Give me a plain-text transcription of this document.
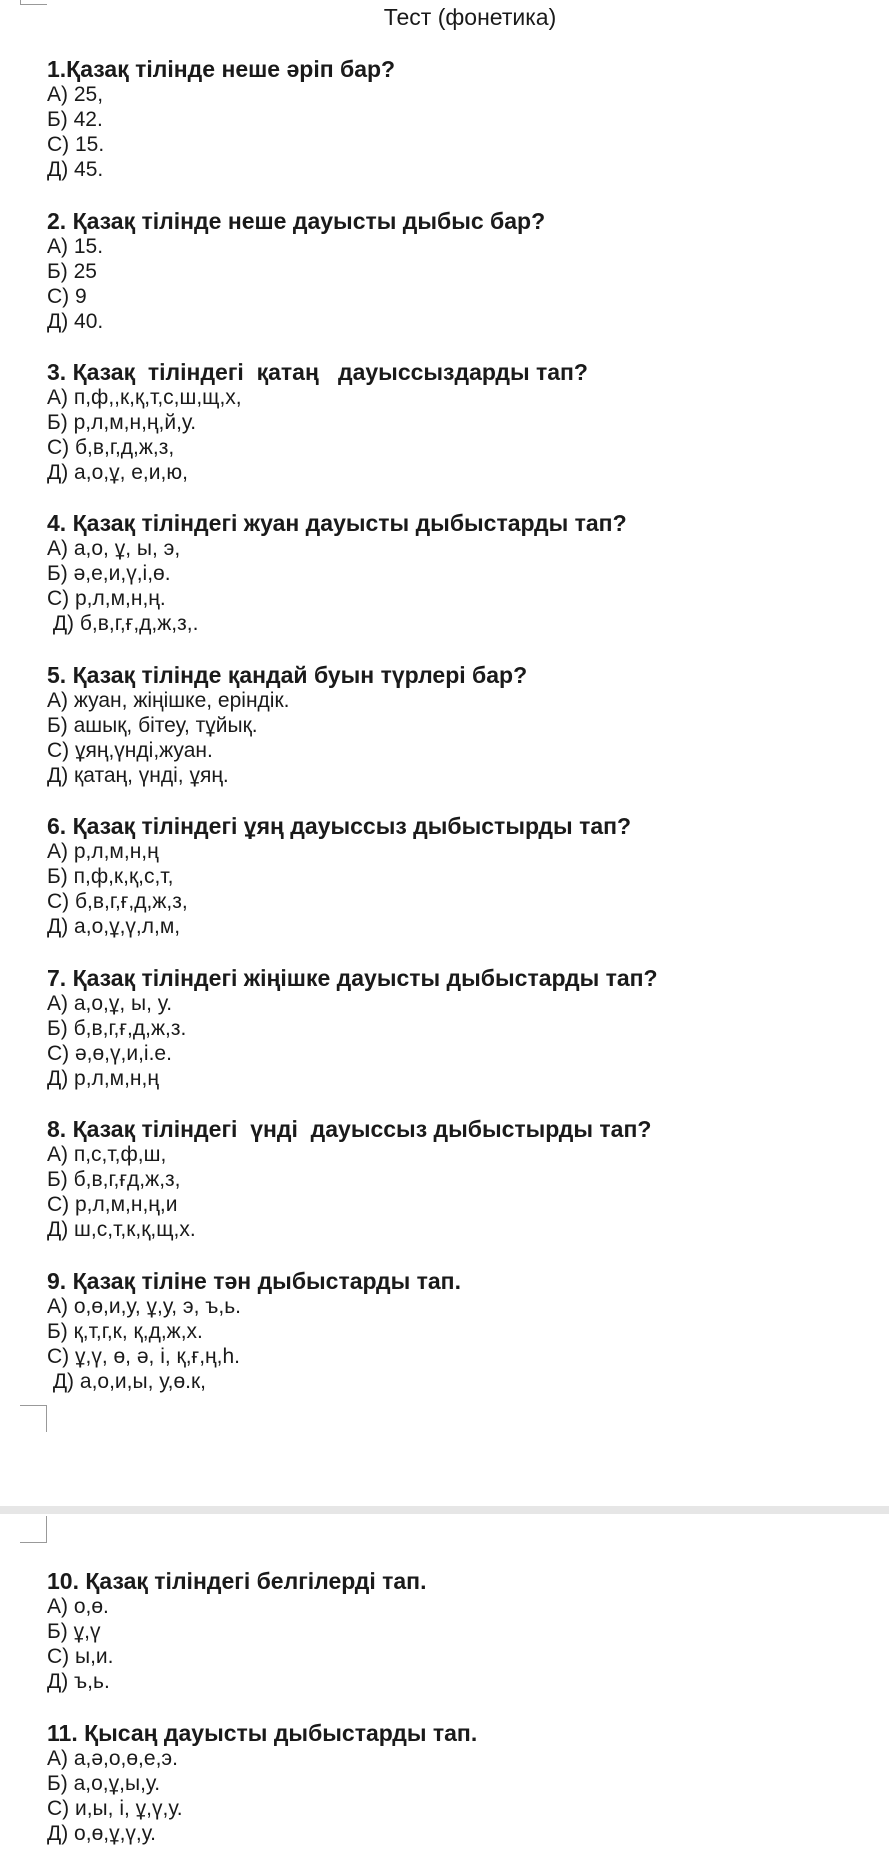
Тест (фонетика)
1.Қазақ тілінде неше әріп бар?
А) 25,
Б) 42.
С) 15.
Д) 45.
2. Қазақ тілінде неше дауысты дыбыс бар?
А) 15.
Б) 25
С) 9
Д) 40.
3. Қазақ  тіліндегі  қатаң   дауыссыздарды тап?
А) п,ф,,к,қ,т,с,ш,щ,х,
Б) р,л,м,н,ң,й,у.
С) б,в,г,д,ж,з,
Д) а,о,ұ, е,и,ю,
4. Қазақ тіліндегі жуан дауысты дыбыстарды тап?
А) а,о, ұ, ы, э,
Б) ә,е,и,ү,і,ө.
С) р,л,м,н,ң.
Д) б,в,г,ғ,д,ж,з,.
5. Қазақ тілінде қандай буын түрлері бар?
А) жуан, жіңішке, еріндік.
Б) ашық, бітеу, тұйық.
С) ұяң,үнді,жуан.
Д) қатаң, үнді, ұяң.
6. Қазақ тіліндегі ұяң дауыссыз дыбыстырды тап?
А) р,л,м,н,ң
Б) п,ф,к,қ,с,т,
С) б,в,г,ғ,д,ж,з,
Д) а,о,ұ,ү,л,м,
7. Қазақ тіліндегі жіңішке дауысты дыбыстарды тап?
А) а,о,ұ, ы, у.
Б) б,в,г,ғ,д,ж,з.
С) ә,ө,ү,и,і.е.
Д) р,л,м,н,ң
8. Қазақ тіліндегі  үнді  дауыссыз дыбыстырды тап?
А) п,с,т,ф,ш,
Б) б,в,г,ғд,ж,з,
С) р,л,м,н,ң,и
Д) ш,с,т,к,қ,щ,х.
9. Қазақ тіліне тән дыбыстарды тап.
А) о,ө,и,у, ұ,у, э, ъ,ь.
Б) қ,т,г,к, қ,д,ж,х.
С) ұ,ү, ө, ә, і, қ,ғ,ң,һ.
Д) а,о,и,ы, у,ө.к,
10. Қазақ тіліндегі белгілерді тап.
А) о,ө.
Б) ұ,ү
С) ы,и.
Д) ъ,ь.
11. Қысаң дауысты дыбыстарды тап.
А) а,ә,о,ө,е,э.
Б) а,о,ұ,ы,у.
С) и,ы, і, ұ,ү,у.
Д) о,ө,ұ,ү,у.
